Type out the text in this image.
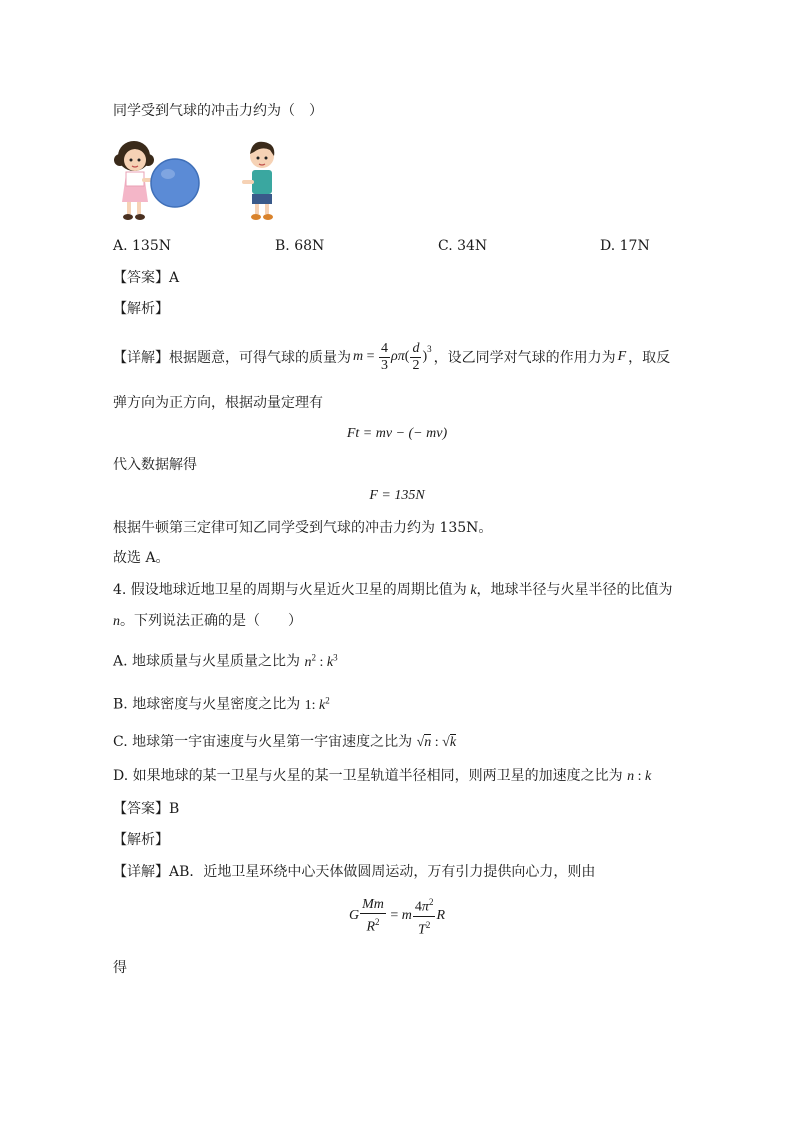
同学受到气球的冲击力约为（　）
A. 135N	B. 68N	C. 34N	D. 17N
【答案】A
【解析】
【详解】 根据题意，可得气球的质量为 $m = \frac{4}{3}$ ρπ ( $\frac{d}{2} )^3$
，设乙同学对气球的作用力为 F ，取反
弹方向为正方向，根据动量定理有
Ft = mv − (− mv)
代入数据解得
F = 135N
根据牛顿第三定律可知乙同学受到气球的冲击力约为 135N。
故选 A。
4. 假设地球近地卫星的周期与火星近火卫星的周期比值为 k，地球半径与火星半径的比值为
n。下列说法正确的是（　　）
A. 地球质量与火星质量之比为 $n^2$ : $k^3$
B. 地球密度与火星密度之比为 1: $k^2$
C. 地球第一宇宙速度与火星第一宇宙速度之比为 √n : √k
D. 如果地球的某一卫星与火星的某一卫星轨道半径相同，则两卫星的加速度之比为 n : k
【答案】B
【解析】
【详解】AB．近地卫星环绕中心天体做圆周运动，万有引力提供向心力，则由
G $\frac{Mm}{R^2} = m \frac{4\pi^2}{T^2}$ R
得
